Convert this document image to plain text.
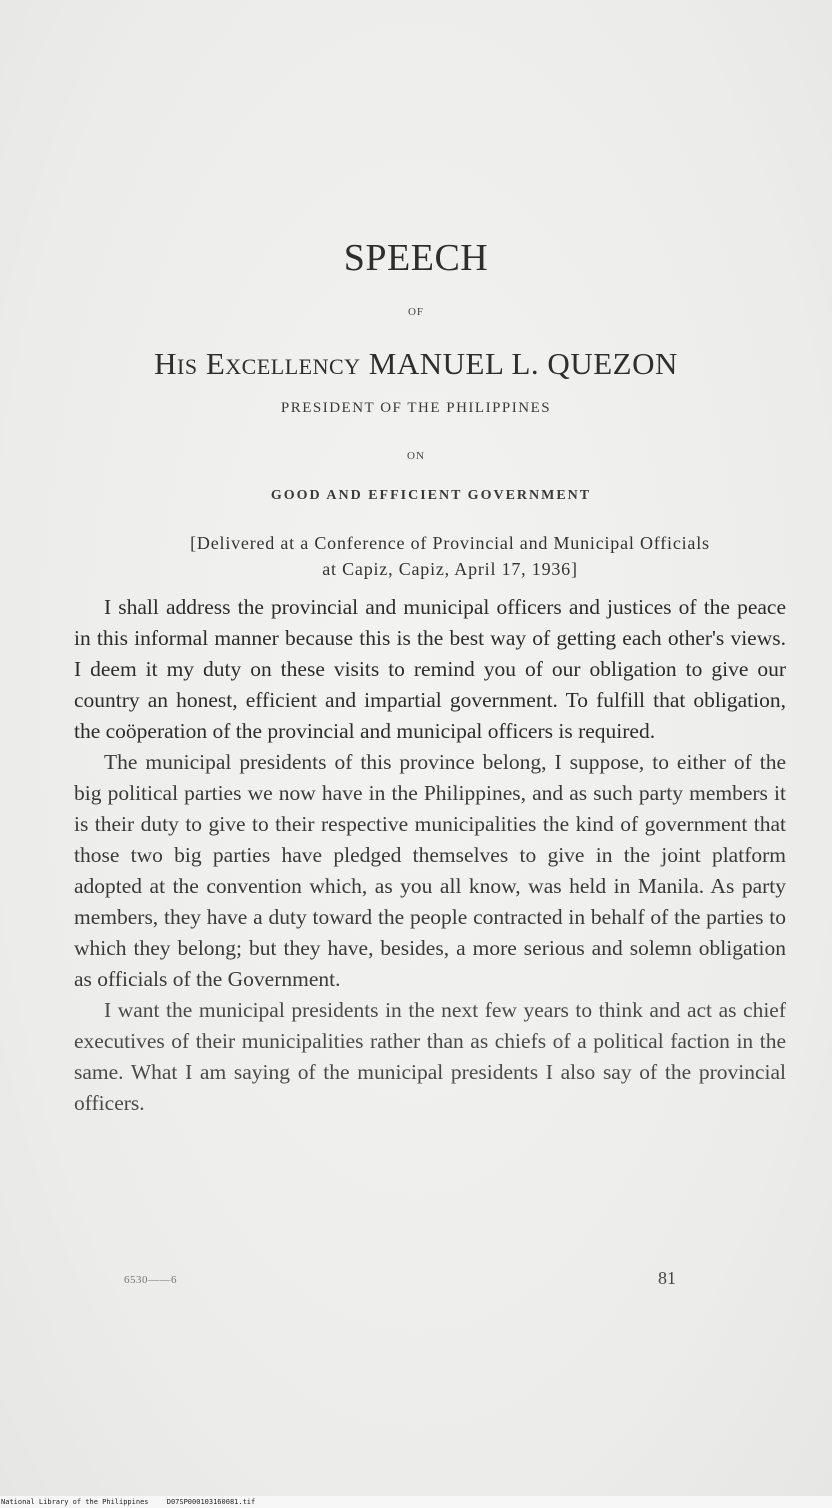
SPEECH
OF
His Excellency MANUEL L. QUEZON
PRESIDENT OF THE PHILIPPINES
ON
GOOD AND EFFICIENT GOVERNMENT
[Delivered at a Conference of Provincial and Municipal Officials
at Capiz, Capiz, April 17, 1936]

I shall address the provincial and municipal officers and justices of the peace in this informal manner because this is the best way of getting each other's views. I deem it my duty on these visits to remind you of our obligation to give our country an honest, efficient and impartial government. To fulfill that obligation, the coöperation of the provincial and municipal officers is required.

The municipal presidents of this province belong, I suppose, to either of the big political parties we now have in the Philippines, and as such party members it is their duty to give to their respective municipalities the kind of government that those two big parties have pledged themselves to give in the joint platform adopted at the convention which, as you all know, was held in Manila. As party members, they have a duty toward the people contracted in behalf of the parties to which they belong; but they have, besides, a more serious and solemn obligation as officials of the Government.

I want the municipal presidents in the next few years to think and act as chief executives of their municipalities rather than as chiefs of a political faction in the same. What I am saying of the municipal presidents I also say of the provincial officers.

6530——6	81
National Library of the Philippines	D07SP000103160081.tif
